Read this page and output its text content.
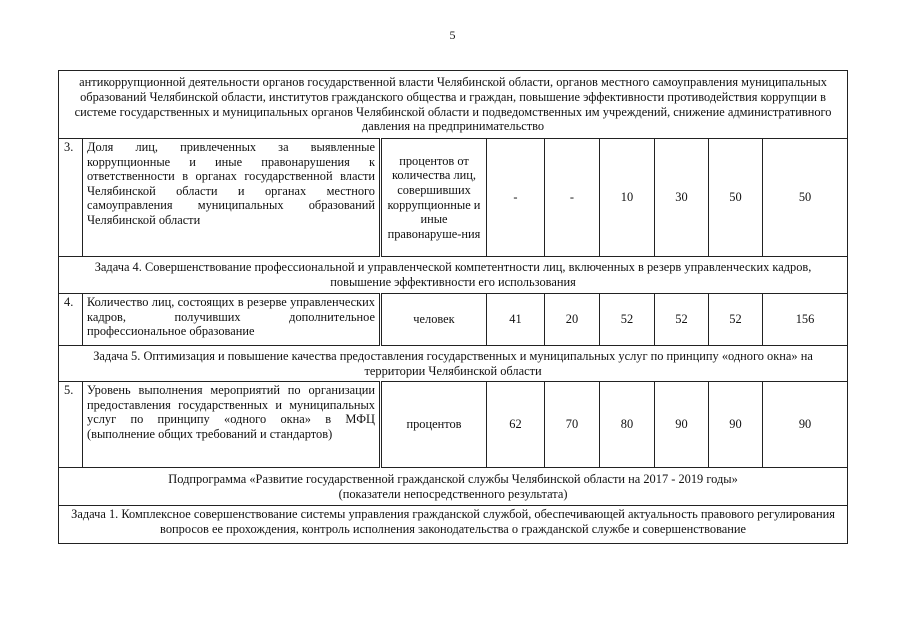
5
антикоррупционной деятельности органов государственной власти Челябинской области, органов местного самоуправления муниципальных образований Челябинской области, институтов гражданского общества и граждан, повышение эффективности противодействия коррупции в системе государственных и муниципальных органов Челябинской области и подведомственных им учреждений, снижение административного давления на предпринимательство								
3.	Доля лиц, привлеченных за выявленные коррупционные и иные правонарушения к ответственности в органах государственной власти Челябинской области и органах местного самоуправления муниципальных образований Челябинской области	процентов от количества лиц, совершивших коррупционные и иные правонаруше-ния	-	-	10	30	50	50
Задача 4. Совершенствование профессиональной и управленческой компетентности лиц, включенных в резерв управленческих кадров, повышение эффективности его использования								
4.	Количество лиц, состоящих в резерве управленческих кадров, получивших дополнительное профессиональное образование	человек	41	20	52	52	52	156
Задача 5. Оптимизация и повышение качества предоставления государственных и муниципальных услуг по принципу «одного окна» на территории Челябинской области								
5.	Уровень выполнения мероприятий по организации предоставления государственных и муниципальных услуг по принципу «одного окна» в МФЦ (выполнение общих требований и стандартов)	процентов	62	70	80	90	90	90

Подпрограмма «Развитие государственной гражданской службы Челябинской области на 2017 - 2019 годы»
(показатели непосредственного результата)								

Задача 1. Комплексное совершенствование системы управления гражданской службой, обеспечивающей актуальность правового регулирования вопросов ее прохождения, контроль исполнения законодательства о гражданской службе и совершенствование								
